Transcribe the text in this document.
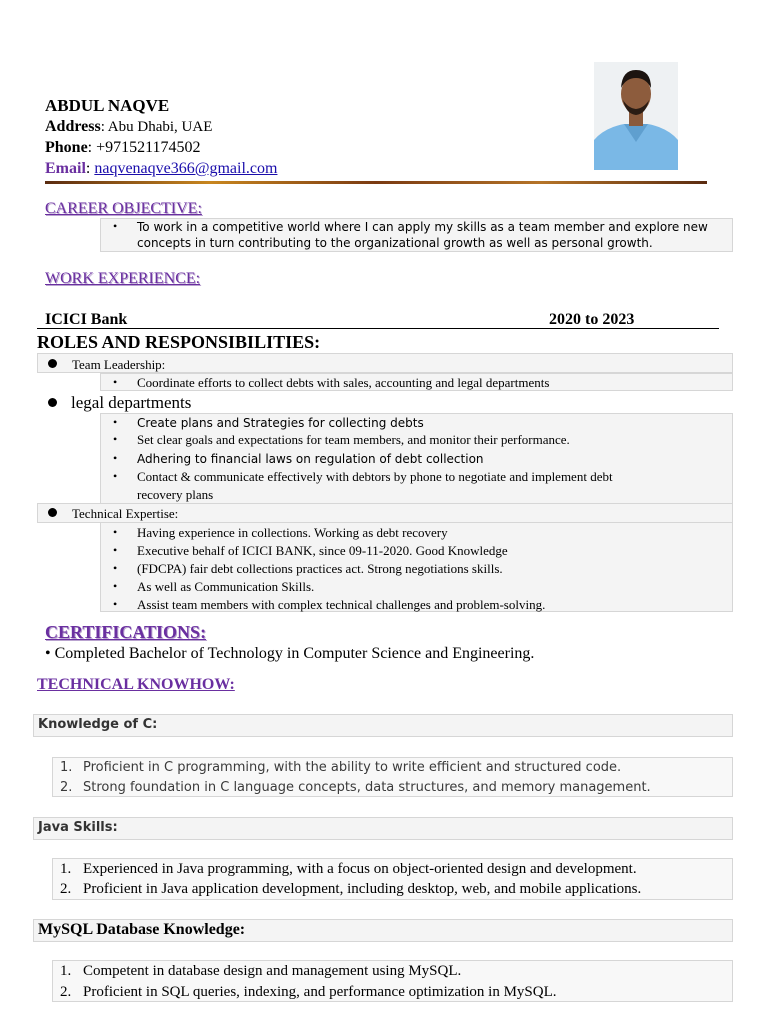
ABDUL NAQVE
Address: Abu Dhabi, UAE
Phone: +971521174502
Email: naqvenaqve366@gmail.com
CAREER OBJECTIVE:
• To work in a competitive world where I can apply my skills as a team member and explore new
concepts in turn contributing to the organizational growth as well as personal growth.
WORK EXPERIENCE:
ICICI Bank	2020 to 2023
ROLES AND RESPONSIBILITIES:
Team Leadership:
• Coordinate efforts to collect debts with sales, accounting and legal departments
legal departments
• Create plans and Strategies for collecting debts
• Set clear goals and expectations for team members, and monitor their performance.
• Adhering to financial laws on regulation of debt collection
• Contact & communicate effectively with debtors by phone to negotiate and implement debt
recovery plans
Technical Expertise:
• Having experience in collections. Working as debt recovery
• Executive behalf of ICICI BANK, since 09-11-2020. Good Knowledge
• (FDCPA) fair debt collections practices act. Strong negotiations skills.
• As well as Communication Skills.
• Assist team members with complex technical challenges and problem-solving.
CERTIFICATIONS:
• Completed Bachelor of Technology in Computer Science and Engineering.
TECHNICAL KNOWHOW:
Knowledge of C:
1. Proficient in C programming, with the ability to write efficient and structured code.
2. Strong foundation in C language concepts, data structures, and memory management.
Java Skills:
1. Experienced in Java programming, with a focus on object-oriented design and development.
2. Proficient in Java application development, including desktop, web, and mobile applications.
MySQL Database Knowledge:
1. Competent in database design and management using MySQL.
2. Proficient in SQL queries, indexing, and performance optimization in MySQL.
